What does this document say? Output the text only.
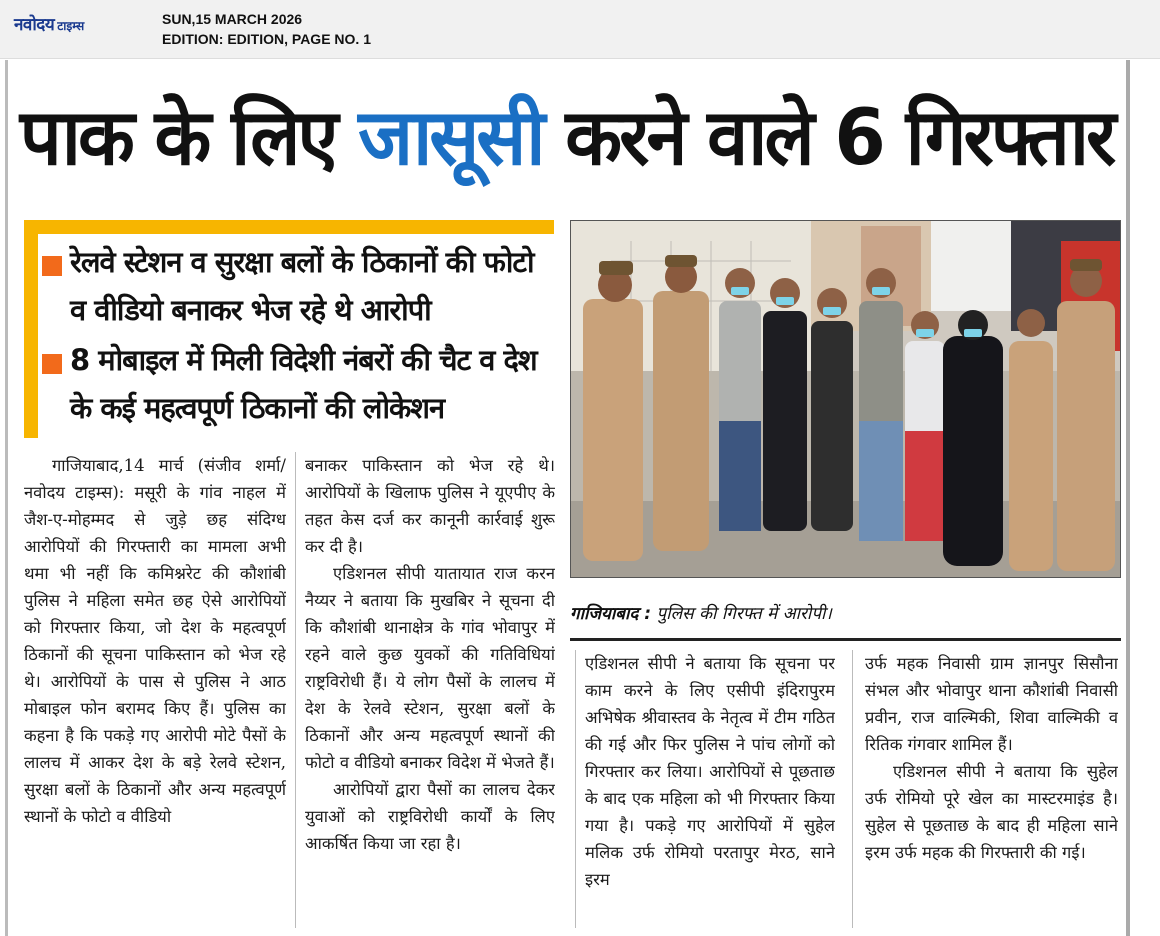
नवोदय टाइम्स	SUN,15 MARCH 2026
EDITION: EDITION, PAGE NO. 1
पाक के लिए जासूसी करने वाले 6 गिरफ्तार
रेलवे स्टेशन व सुरक्षा बलों के ठिकानों की फोटो व वीडियो बनाकर भेज रहे थे आरोपी
8 मोबाइल में मिली विदेशी नंबरों की चैट व देश के कई महत्वपूर्ण ठिकानों की लोकेशन
गाजियाबाद : पुलिस की गिरफ्त में आरोपी।

गाजियाबाद,14 मार्च (संजीव शर्मा/नवोदय टाइम्स): मसूरी के गांव नाहल में जैश-ए-मोहम्मद से जुड़े छह संदिग्ध आरोपियों की गिरफ्तारी का मामला अभी थमा भी नहीं कि कमिश्नरेट की कौशांबी पुलिस ने महिला समेत छह ऐसे आरोपियों को गिरफ्तार किया, जो देश के महत्वपूर्ण ठिकानों की सूचना पाकिस्तान को भेज रहे थे। आरोपियों के पास से पुलिस ने आठ मोबाइल फोन बरामद किए हैं। पुलिस का कहना है कि पकड़े गए आरोपी मोटे पैसों के लालच में आकर देश के बड़े रेलवे स्टेशन, सुरक्षा बलों के ठिकानों और अन्य महत्वपूर्ण स्थानों के फोटो व वीडियो

बनाकर पाकिस्तान को भेज रहे थे। आरोपियों के खिलाफ पुलिस ने यूएपीए के तहत केस दर्ज कर कानूनी कार्रवाई शुरू कर दी है।

एडिशनल सीपी यातायात राज करन नैय्यर ने बताया कि मुखबिर ने सूचना दी कि कौशांबी थानाक्षेत्र के गांव भोवापुर में रहने वाले कुछ युवकों की गतिविधियां राष्ट्रविरोधी हैं। ये लोग पैसों के लालच में देश के रेलवे स्टेशन, सुरक्षा बलों के ठिकानों और अन्य महत्वपूर्ण स्थानों की फोटो व वीडियो बनाकर विदेश में भेजते हैं।

आरोपियों द्वारा पैसों का लालच देकर युवाओं को राष्ट्रविरोधी कार्यों के लिए आकर्षित किया जा रहा है।

एडिशनल सीपी ने बताया कि सूचना पर काम करने के लिए एसीपी इंदिरापुरम अभिषेक श्रीवास्तव के नेतृत्व में टीम गठित की गई और फिर पुलिस ने पांच लोगों को गिरफ्तार कर लिया। आरोपियों से पूछताछ के बाद एक महिला को भी गिरफ्तार किया गया है। पकड़े गए आरोपियों में सुहेल मलिक उर्फ रोमियो परतापुर मेरठ, साने इरम

उर्फ महक निवासी ग्राम ज्ञानपुर सिसौना संभल और भोवापुर थाना कौशांबी निवासी प्रवीन, राज वाल्मिकी, शिवा वाल्मिकी व रितिक गंगवार शामिल हैं।

एडिशनल सीपी ने बताया कि सुहेल उर्फ रोमियो पूरे खेल का मास्टरमाइंड है। सुहेल से पूछताछ के बाद ही महिला साने इरम उर्फ महक की गिरफ्तारी की गई।
